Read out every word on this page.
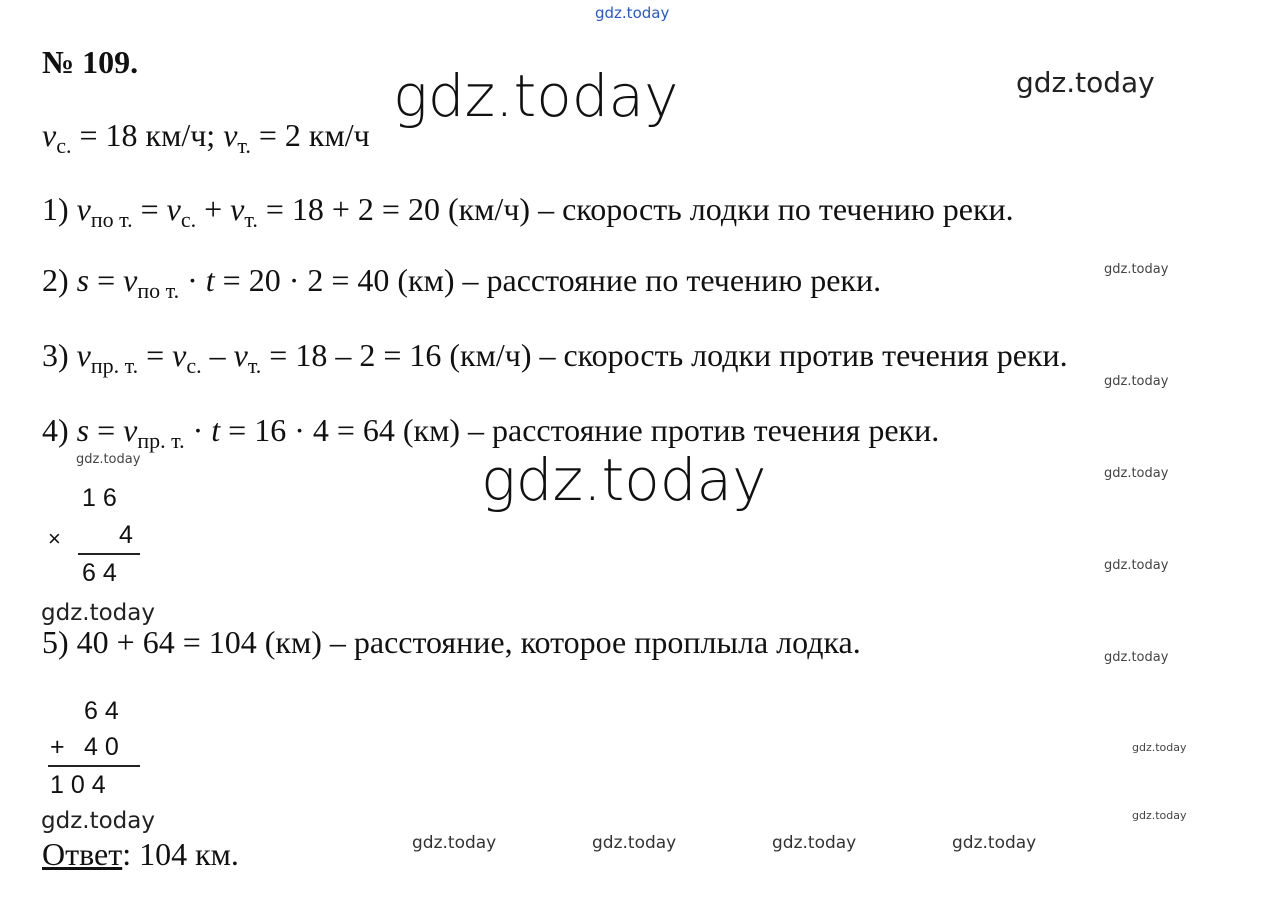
gdz.today
gdz.today	gdz.today
gdz.today
gdz.today
gdz.today	gdz.today	gdz.today
gdz.today
gdz.today
gdz.today
gdz.today
gdz.today
gdz.today
gdz.today	gdz.today	gdz.today	gdz.today
№ 109.
$v_{с.} = 18$ км/ч; $v_{т.} = 2$ км/ч
1) $v_{по т.} = v_{с.} + v_{т.} = 18 + 2 = 20$ (км/ч) – скорость лодки по течению реки.
2) $s = v_{по т.} \cdot t = 20 \cdot 2 = 40$ (км) – расстояние по течению реки.
3) $v_{пр. т.} = v_{с.} - v_{т.} = 18 - 2 = 16$ (км/ч) – скорость лодки против течения реки.
4) $s = v_{пр. т.} \cdot t = 16 \cdot 4 = 64$ (км) – расстояние против течения реки.
1 6
× 4
6 4
5) 40 + 64 = 104 (км) – расстояние, которое проплыла лодка.
6 4
+ 4 0
1 0 4
Ответ: 104 км.
